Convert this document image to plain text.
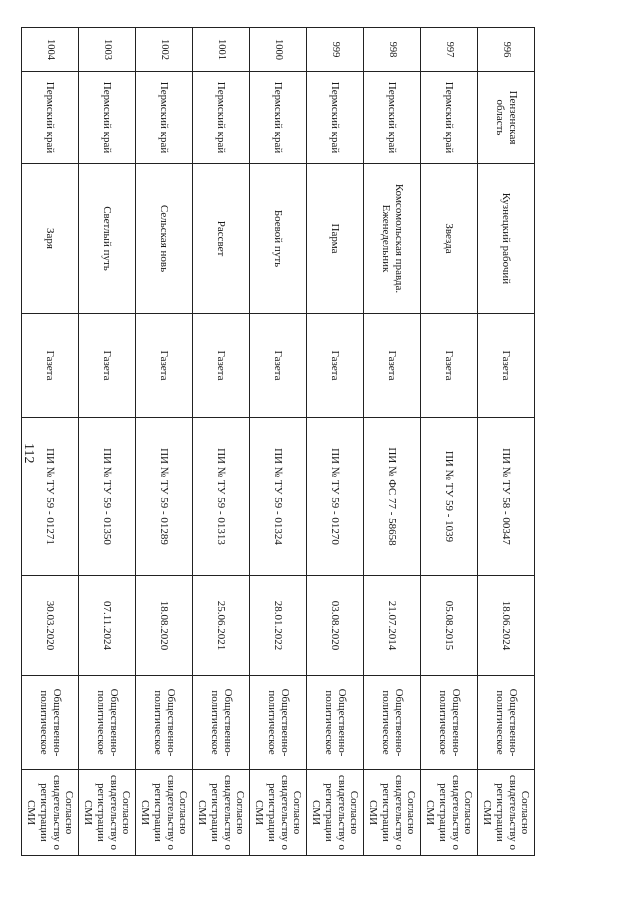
112
996	Пензенская область	Кузнецкий рабочий	Газета	ПИ № ТУ 58 - 00347	18.06.2024	Общественно-политическое	Согласно свидетельству о регистрации СМИ
997	Пермский край	Звезда	Газета	ПИ № ТУ 59 - 1039	05.08.2015	Общественно-политическое	Согласно свидетельству о регистрации СМИ
998	Пермский край	Комсомольская правда. Еженедельник	Газета	ПИ № ФС 77 - 58658	21.07.2014	Общественно-политическое	Согласно свидетельству о регистрации СМИ
999	Пермский край	Парма	Газета	ПИ № ТУ 59 - 01270	03.08.2020	Общественно-политическое	Согласно свидетельству о регистрации СМИ
1000	Пермский край	Боевой путь	Газета	ПИ № ТУ 59 - 01324	28.01.2022	Общественно-политическое	Согласно свидетельству о регистрации СМИ
1001	Пермский край	Рассвет	Газета	ПИ № ТУ 59 - 01313	25.06.2021	Общественно-политическое	Согласно свидетельству о регистрации СМИ
1002	Пермский край	Сельская новь	Газета	ПИ № ТУ 59 - 01289	18.08.2020	Общественно-политическое	Согласно свидетельству о регистрации СМИ
1003	Пермский край	Светлый путь	Газета	ПИ № ТУ 59 - 01350	07.11.2024	Общественно-политическое	Согласно свидетельству о регистрации СМИ
1004	Пермский край	Заря	Газета	ПИ № ТУ 59 - 01271	30.03.2020	Общественно-политическое	Согласно свидетельству о регистрации СМИ
